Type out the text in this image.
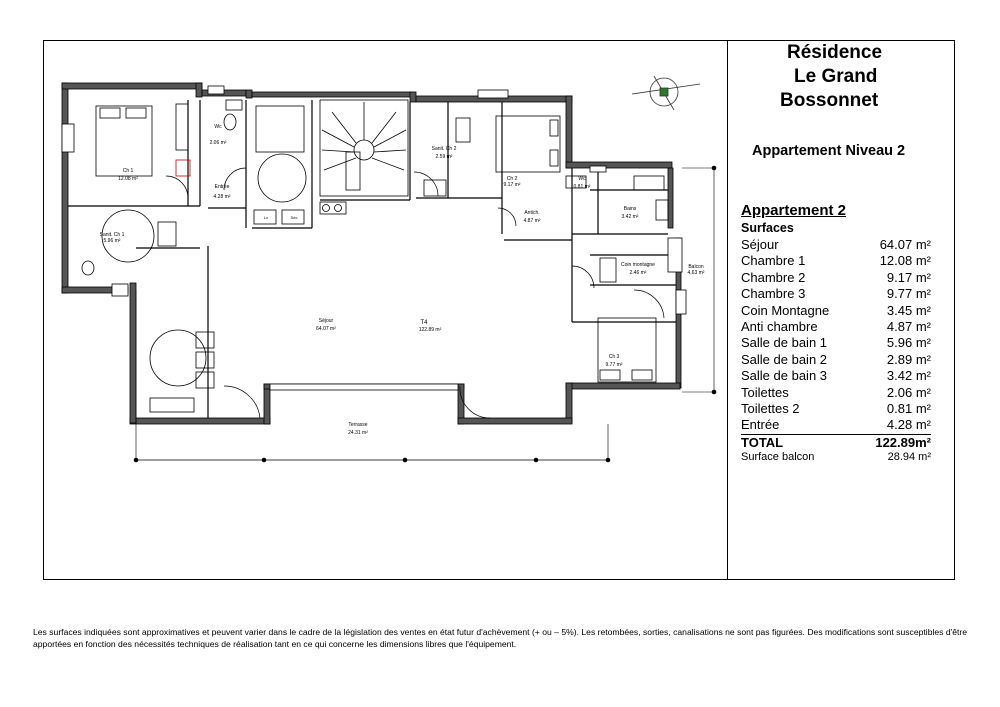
Ch 1
12.08 m²
Wc
2.06 m²
Entrée
4.28 m²
Sanit. Ch 1
5.96 m²
Sanit. Ch 2
2.59 m²
Ch 2
9.17 m²
Wc
0.81 m²
Bains
3.42 m²
Antich.
4.87 m²
Coin montagne
2.46 m²
Balcon
4.63 m²
Ch 3
9.77 m²
Séjour
64.07 m²
T4
122.89 m²
Terrasse
24.31 m²
Lv	Sèc
Résidence
Le Grand
Bossonnet
Appartement Niveau 2
Appartement 2
Surfaces
TOTAL	122.89m²
Surface balcon	28.94 m²
Séjour	64.07 m²
Chambre 1	12.08 m²
Chambre 2	9.17 m²
Chambre 3	9.77 m²
Coin Montagne	3.45 m²
Anti chambre	4.87 m²
Salle de bain 1	5.96 m²
Salle de bain 2	2.89 m²
Salle de bain 3	3.42 m²
Toilettes	2.06 m²
Toilettes 2	0.81 m²
Entrée	4.28 m²
Les surfaces indiquées sont approximatives et peuvent varier dans le cadre de la législation des ventes en état futur d'achèvement (+ ou – 5%). Les retombées, sorties, canalisations ne sont pas figurées. Des modifications sont susceptibles d'être apportées en fonction des nécessités techniques de réalisation tant en ce qui concerne les dimensions libres que l'équipement.
